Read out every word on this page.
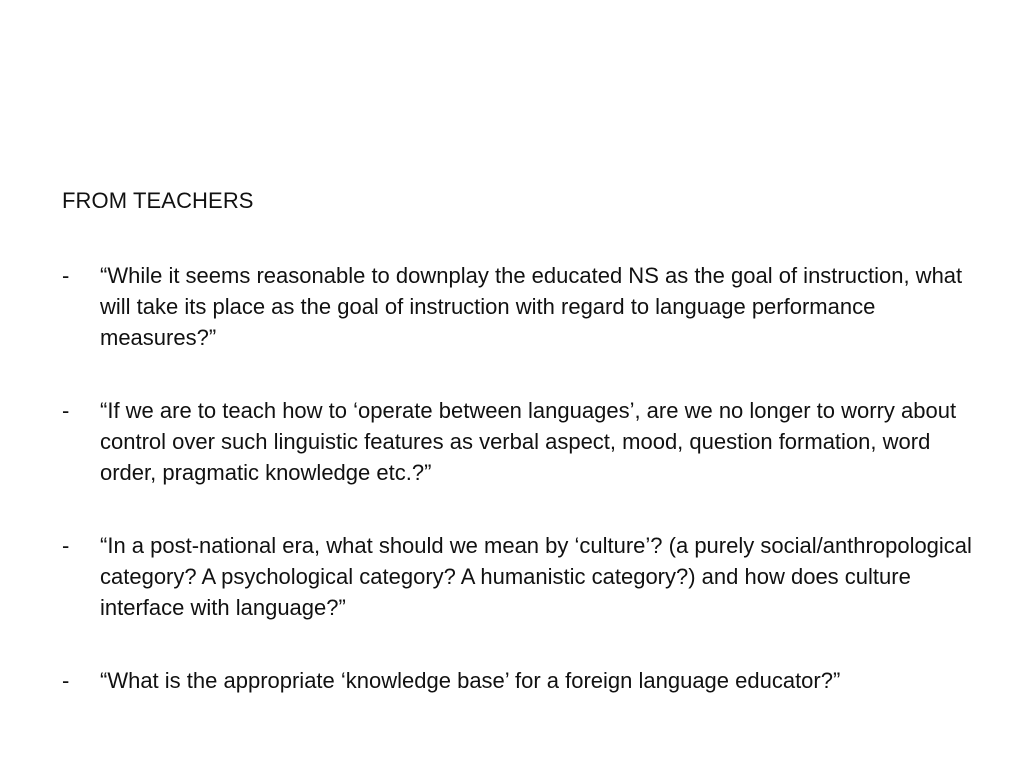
FROM TEACHERS
-	“While it seems reasonable to downplay the educated NS as the goal of instruction, what will take its place as the goal of instruction with regard to language performance measures?”
-	“If we are to teach how to ‘operate between languages’, are we no longer to worry about control over such linguistic features as verbal aspect, mood, question formation, word order, pragmatic knowledge etc.?”
-	“In a post-national era, what should we mean by ‘culture’? (a purely social/anthropological category? A psychological category? A humanistic category?) and how does culture interface with language?”
-	“What is the appropriate ‘knowledge base’ for a foreign language educator?”
